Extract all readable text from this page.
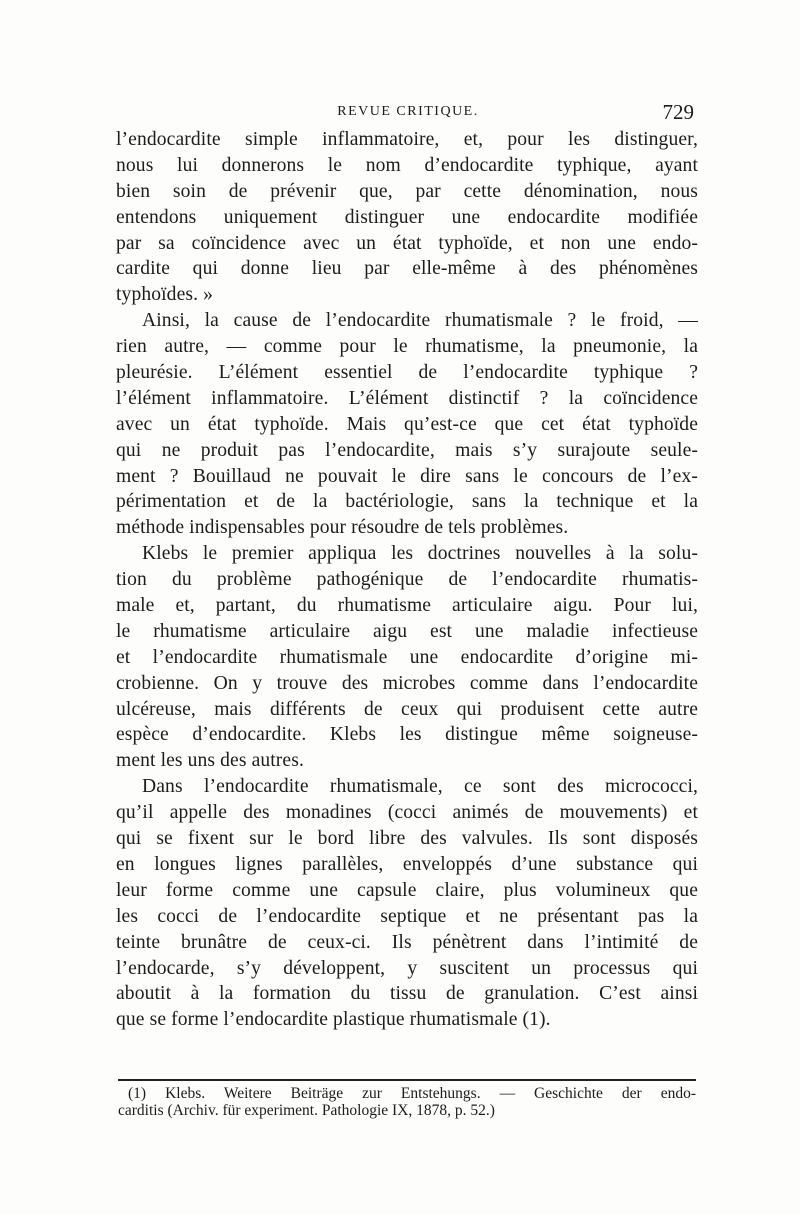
REVUE CRITIQUE.	729
l’endocardite simple inflammatoire, et, pour les distinguer,
nous lui donnerons le nom d’endocardite typhique, ayant
bien soin de prévenir que, par cette dénomination, nous
entendons uniquement distinguer une endocardite modifiée
par sa coïncidence avec un état typhoïde, et non une endo-
cardite qui donne lieu par elle-même à des phénomènes
typhoïdes. »
Ainsi, la cause de l’endocardite rhumatismale ? le froid, —
rien autre, — comme pour le rhumatisme, la pneumonie, la
pleurésie. L’élément essentiel de l’endocardite typhique ?
l’élément inflammatoire. L’élément distinctif ? la coïncidence
avec un état typhoïde. Mais qu’est-ce que cet état typhoïde
qui ne produit pas l’endocardite, mais s’y surajoute seule-
ment ? Bouillaud ne pouvait le dire sans le concours de l’ex-
périmentation et de la bactériologie, sans la technique et la
méthode indispensables pour résoudre de tels problèmes.
Klebs le premier appliqua les doctrines nouvelles à la solu-
tion du problème pathogénique de l’endocardite rhumatis-
male et, partant, du rhumatisme articulaire aigu. Pour lui,
le rhumatisme articulaire aigu est une maladie infectieuse
et l’endocardite rhumatismale une endocardite d’origine mi-
crobienne. On y trouve des microbes comme dans l’endocardite
ulcéreuse, mais différents de ceux qui produisent cette autre
espèce d’endocardite. Klebs les distingue même soigneuse-
ment les uns des autres.
Dans l’endocardite rhumatismale, ce sont des micrococci,
qu’il appelle des monadines (cocci animés de mouvements) et
qui se fixent sur le bord libre des valvules. Ils sont disposés
en longues lignes parallèles, enveloppés d’une substance qui
leur forme comme une capsule claire, plus volumineux que
les cocci de l’endocardite septique et ne présentant pas la
teinte brunâtre de ceux-ci. Ils pénètrent dans l’intimité de
l’endocarde, s’y développent, y suscitent un processus qui
aboutit à la formation du tissu de granulation. C’est ainsi
que se forme l’endocardite plastique rhumatismale (1).
(1) Klebs. Weitere Beiträge zur Entstehungs. — Geschichte der endo-
carditis (Archiv. für experiment. Pathologie IX, 1878, p. 52.)
